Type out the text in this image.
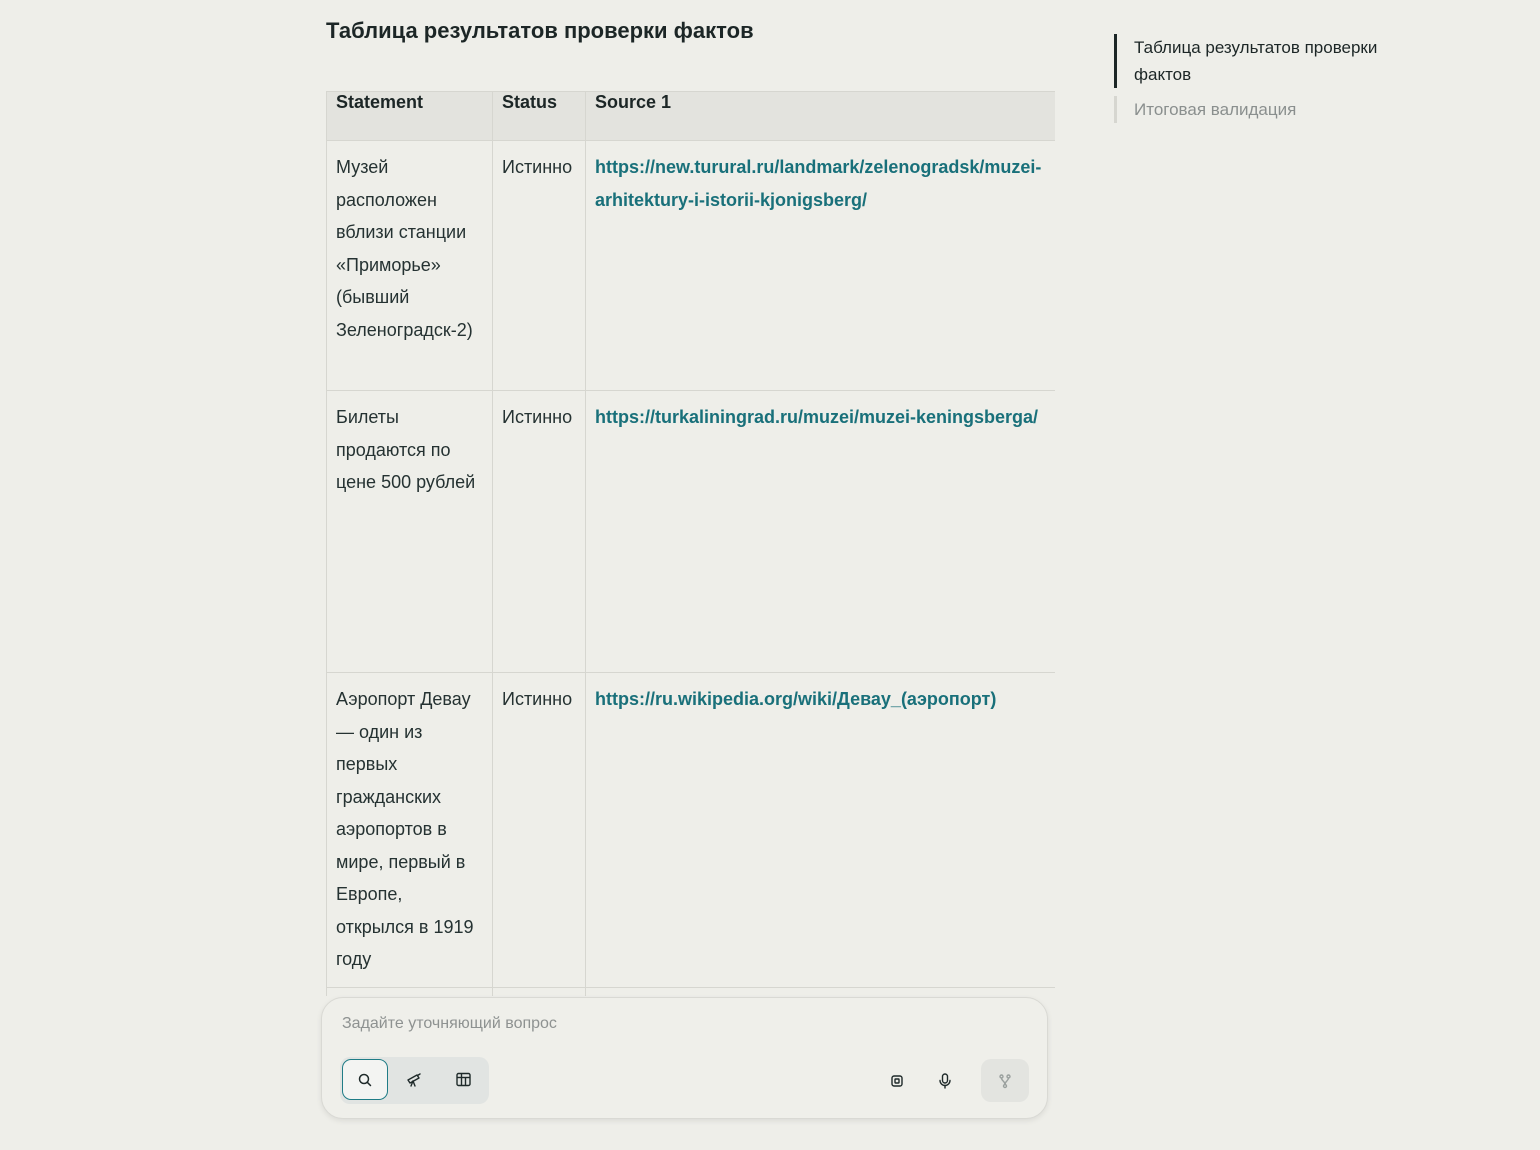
Таблица результатов проверки фактов
Statement	Status	Source 1
Музей расположен вблизи станции «Приморье» (бывший Зеленоградск-2)	Истинно	https://new.turural.ru/landmark/zelenogradsk/muzei-
arhitektury-i-istorii-kjonigsberg/

Билеты продаются по цене 500 рублей	Истинно	https://turkaliningrad.ru/muzei/muzei-keningsberga/

Аэропорт Девау — один из первых гражданских аэропортов в мире, первый в Европе, открылся в 1919 году	Истинно	https://ru.wikipedia.org/wiki/Девау_(аэропорт)

Таблица результатов проверки фактов
Итоговая валидация
Задайте уточняющий вопрос
